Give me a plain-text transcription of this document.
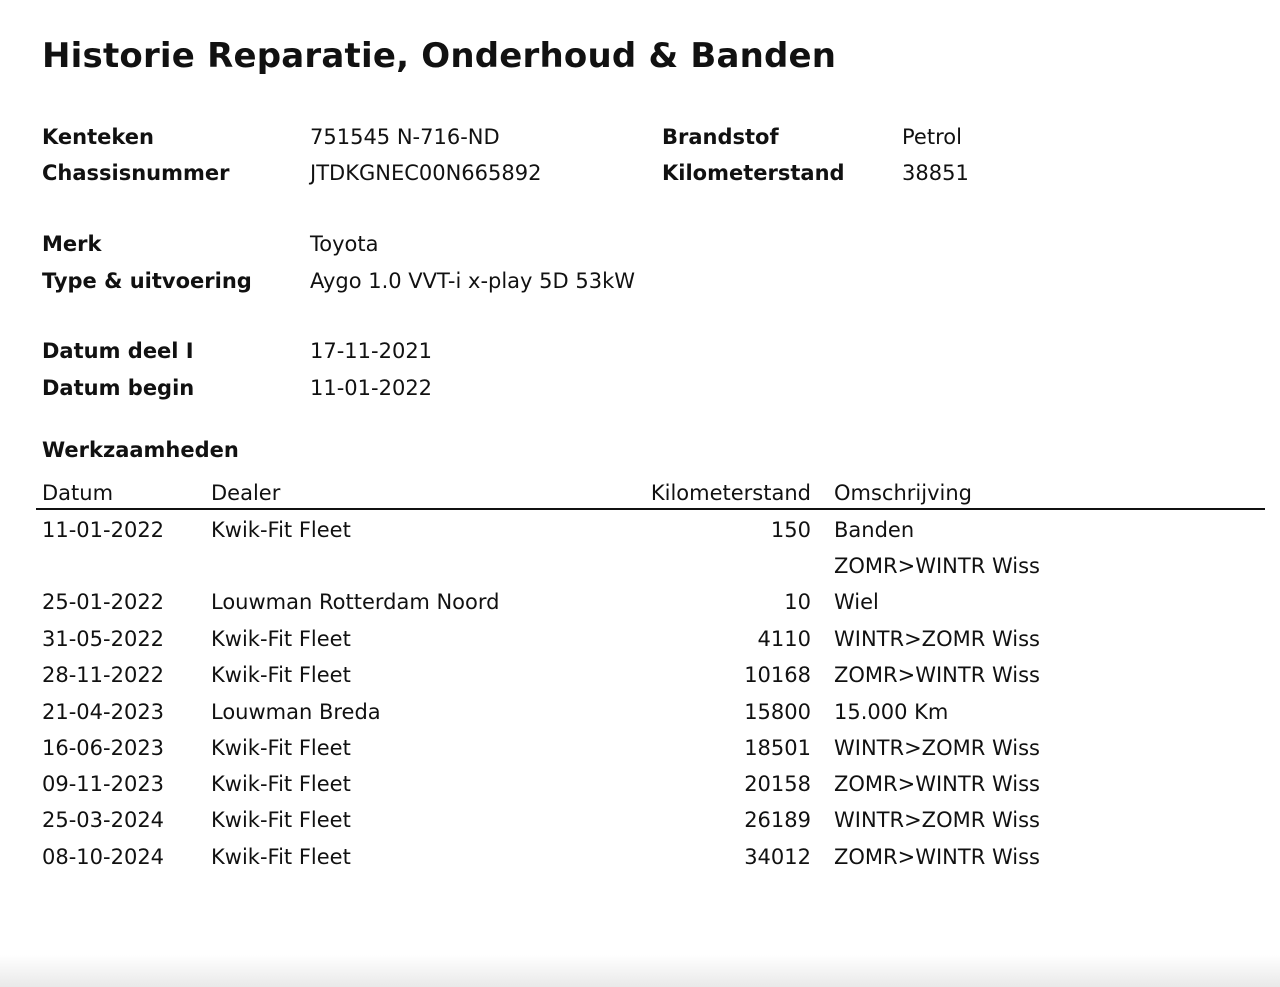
Historie Reparatie, Onderhoud & Banden
Kenteken	751545 N-716-ND	Brandstof	Petrol
Chassisnummer	JTDKGNEC00N665892	Kilometerstand	38851
Merk	Toyota
Type & uitvoering	Aygo 1.0 VVT-i x-play 5D 53kW
Datum deel I	17-11-2021
Datum begin	11-01-2022
Werkzaamheden
Datum	Dealer	Kilometerstand Omschrijving
11-01-2022 Kwik-Fit Fleet	150 Banden
ZOMR>WINTR Wiss
25-01-2022 Louwman Rotterdam Noord	10 Wiel
31-05-2022 Kwik-Fit Fleet	4110 WINTR>ZOMR Wiss
28-11-2022 Kwik-Fit Fleet	10168 ZOMR>WINTR Wiss
21-04-2023 Louwman Breda	15800 15.000 Km
16-06-2023 Kwik-Fit Fleet	18501 WINTR>ZOMR Wiss
09-11-2023 Kwik-Fit Fleet	20158 ZOMR>WINTR Wiss
25-03-2024 Kwik-Fit Fleet	26189 WINTR>ZOMR Wiss
08-10-2024 Kwik-Fit Fleet	34012 ZOMR>WINTR Wiss
